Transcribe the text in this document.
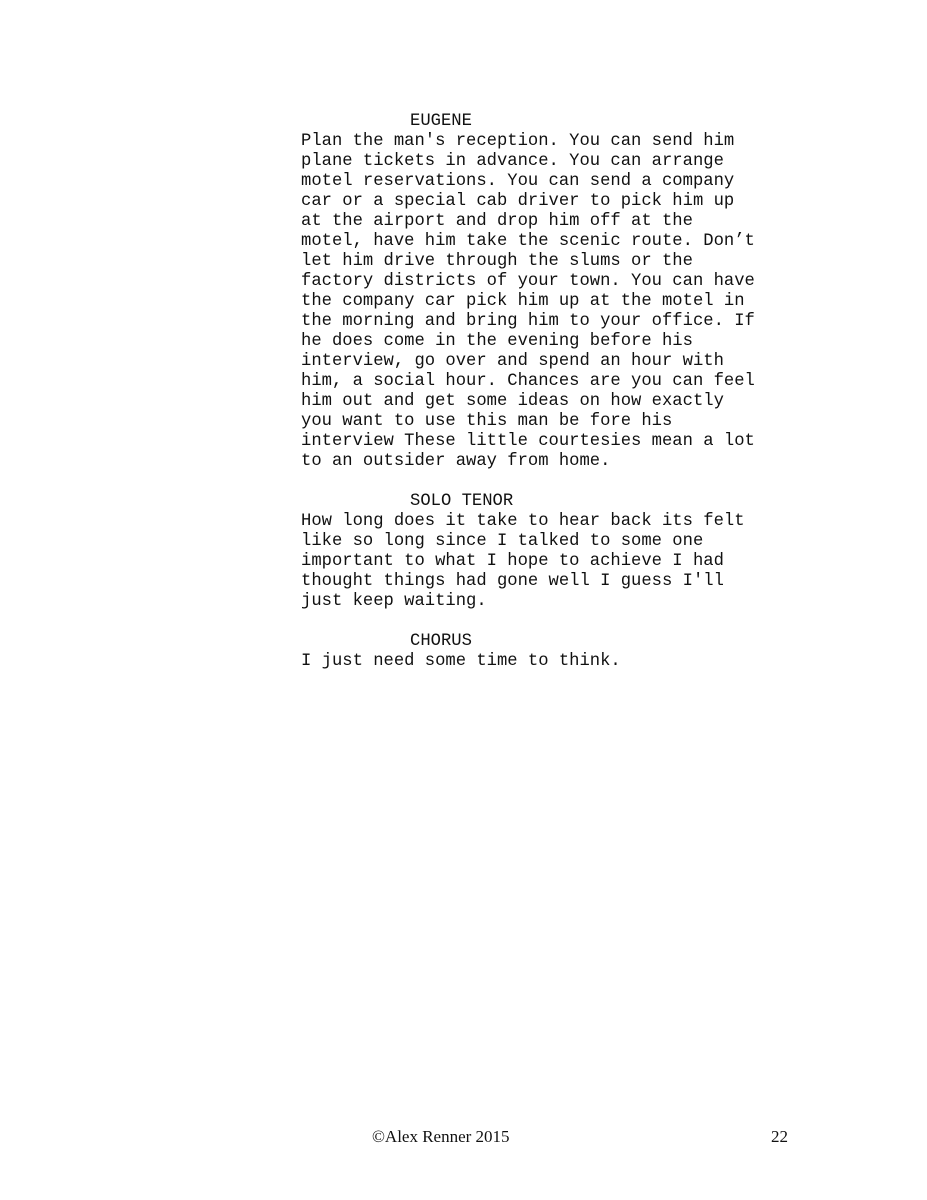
EUGENE
Plan the man's reception. You can send him
plane tickets in advance. You can arrange
motel reservations. You can send a company
car or a special cab driver to pick him up
at the airport and drop him off at the
motel, have him take the scenic route. Don’t
let him drive through the slums or the
factory districts of your town. You can have
the company car pick him up at the motel in
the morning and bring him to your office. If
he does come in the evening before his
interview, go over and spend an hour with
him, a social hour. Chances are you can feel
him out and get some ideas on how exactly
you want to use this man be fore his
interview These little courtesies mean a lot
to an outsider away from home.
SOLO TENOR
How long does it take to hear back its felt
like so long since I talked to some one
important to what I hope to achieve I had
thought things had gone well I guess I'll
just keep waiting.
CHORUS
I just need some time to think.
©Alex Renner 2015	22
